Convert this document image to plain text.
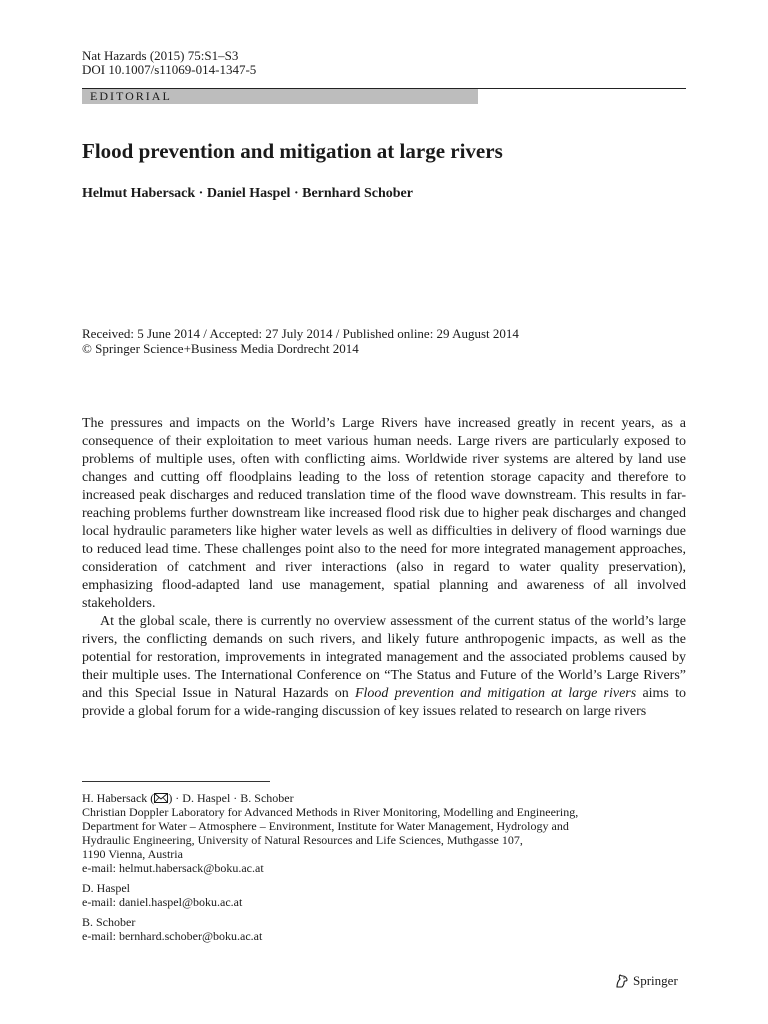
Nat Hazards (2015) 75:S1–S3
DOI 10.1007/s11069-014-1347-5
EDITORIAL
Flood prevention and mitigation at large rivers
Helmut Habersack · Daniel Haspel · Bernhard Schober
Received: 5 June 2014 / Accepted: 27 July 2014 / Published online: 29 August 2014
© Springer Science+Business Media Dordrecht 2014

The pressures and impacts on the World’s Large Rivers have increased greatly in recent years, as a consequence of their exploitation to meet various human needs. Large rivers are particularly exposed to problems of multiple uses, often with conflicting aims. Worldwide river systems are altered by land use changes and cutting off floodplains leading to the loss of retention storage capacity and therefore to increased peak discharges and reduced translation time of the flood wave downstream. This results in far-reaching problems further downstream like increased flood risk due to higher peak discharges and changed local hydraulic parameters like higher water levels as well as difficulties in delivery of flood warnings due to reduced lead time. These challenges point also to the need for more integrated management approaches, consideration of catchment and river interactions (also in regard to water quality preservation), emphasizing flood-adapted land use management, spatial planning and awareness of all involved stakeholders.

At the global scale, there is currently no overview assessment of the current status of the world’s large rivers, the conflicting demands on such rivers, and likely future anthropogenic impacts, as well as the potential for restoration, improvements in integrated management and the associated problems caused by their multiple uses. The International Conference on “The Status and Future of the World’s Large Rivers” and this Special Issue in Natural Hazards on Flood prevention and mitigation at large rivers aims to provide a global forum for a wide-ranging discussion of key issues related to research on large rivers

H. Habersack ( ) · D. Haspel · B. Schober
Christian Doppler Laboratory for Advanced Methods in River Monitoring, Modelling and Engineering,
Department for Water – Atmosphere – Environment, Institute for Water Management, Hydrology and
Hydraulic Engineering, University of Natural Resources and Life Sciences, Muthgasse 107,
1190 Vienna, Austria
e-mail: helmut.habersack@boku.ac.at
D. Haspel
e-mail: daniel.haspel@boku.ac.at
B. Schober
e-mail: bernhard.schober@boku.ac.at
Springer
